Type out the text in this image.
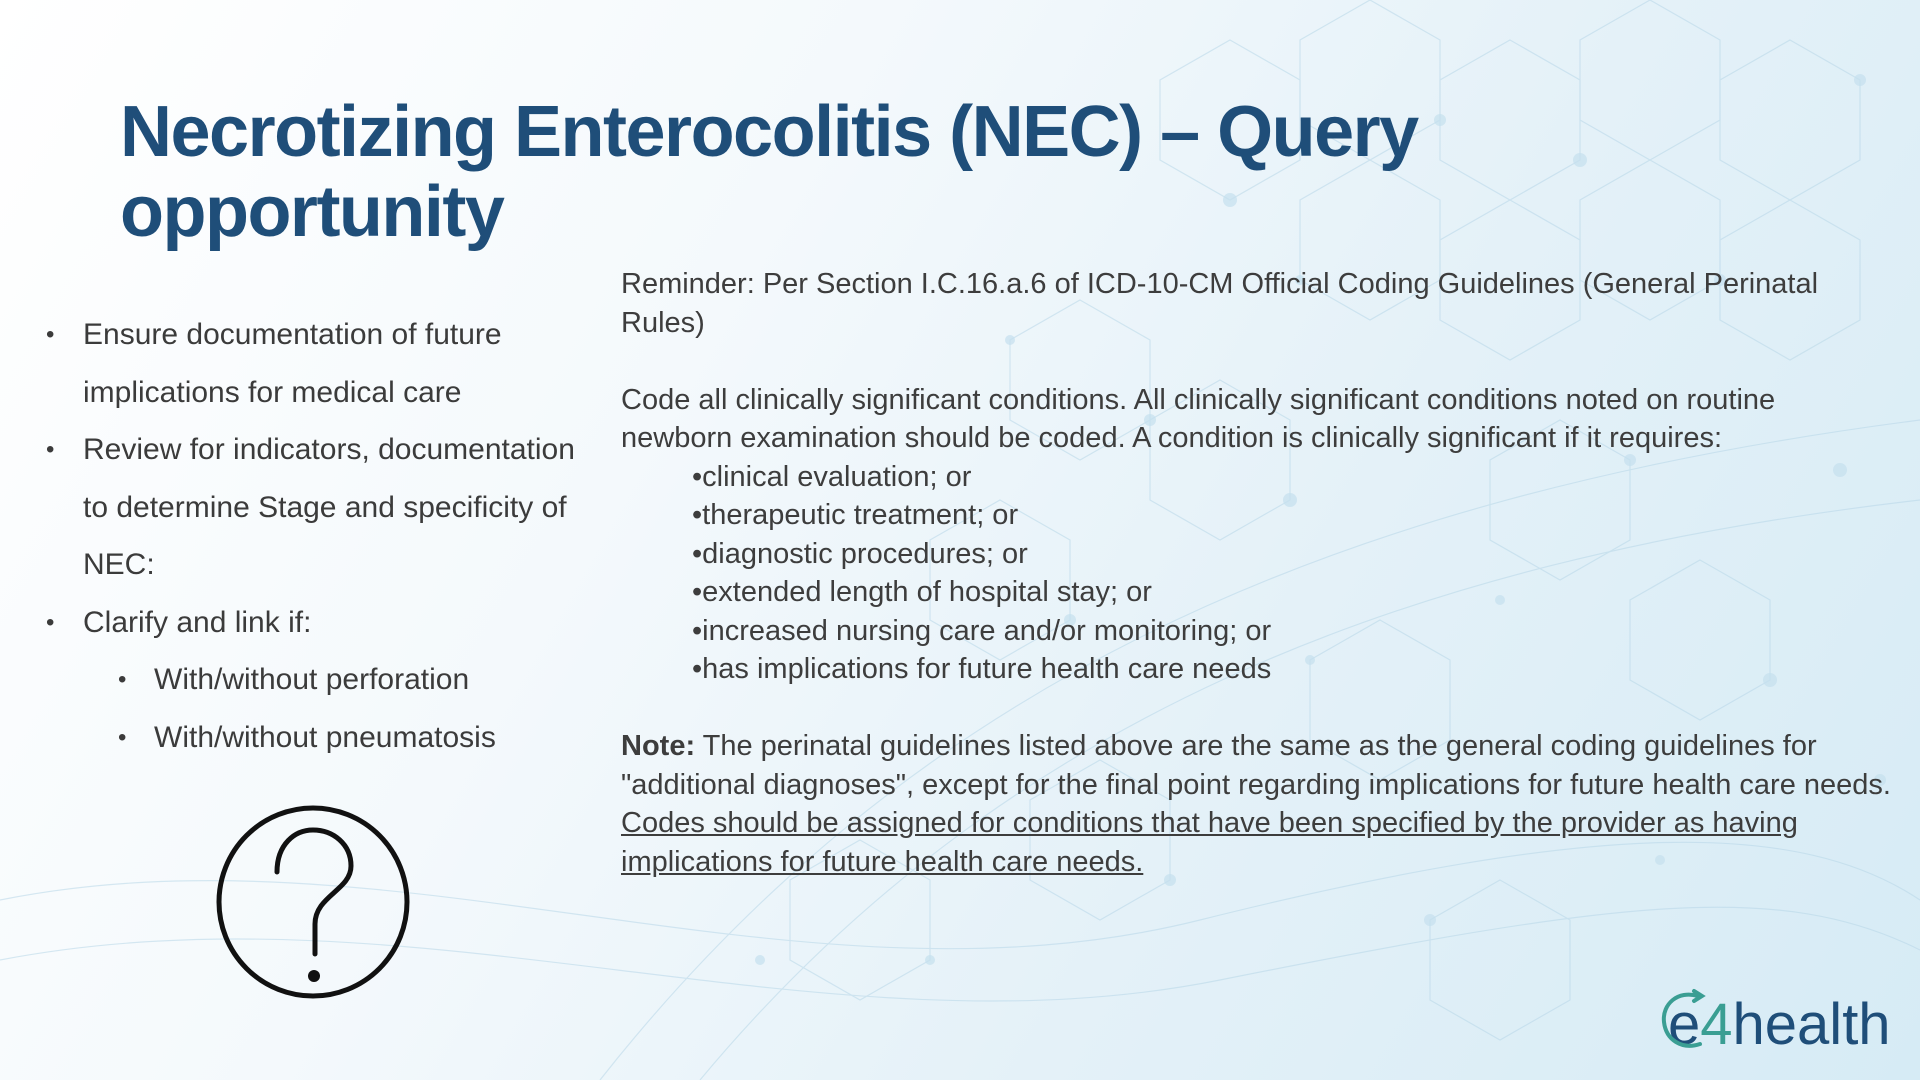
Necrotizing Enterocolitis (NEC) – Query opportunity
• Ensure documentation of future implications for medical care
• Review for indicators, documentation to determine Stage and specificity of NEC:
• Clarify and link if:
• With/without perforation
• With/without pneumatosis

Reminder: Per Section I.C.16.a.6 of ICD-10-CM Official Coding Guidelines (General Perinatal Rules)

Code all clinically significant conditions. All clinically significant conditions noted on routine newborn examination should be coded. A condition is clinically significant if it requires:

• clinical evaluation; or
• therapeutic treatment; or
• diagnostic procedures; or
• extended length of hospital stay; or
• increased nursing care and/or monitoring; or
• has implications for future health care needs

Note: The perinatal guidelines listed above are the same as the general coding guidelines for "additional diagnoses", except for the final point regarding implications for future health care needs. Codes should be assigned for conditions that have been specified by the provider as having implications for future health care needs.

e4health
